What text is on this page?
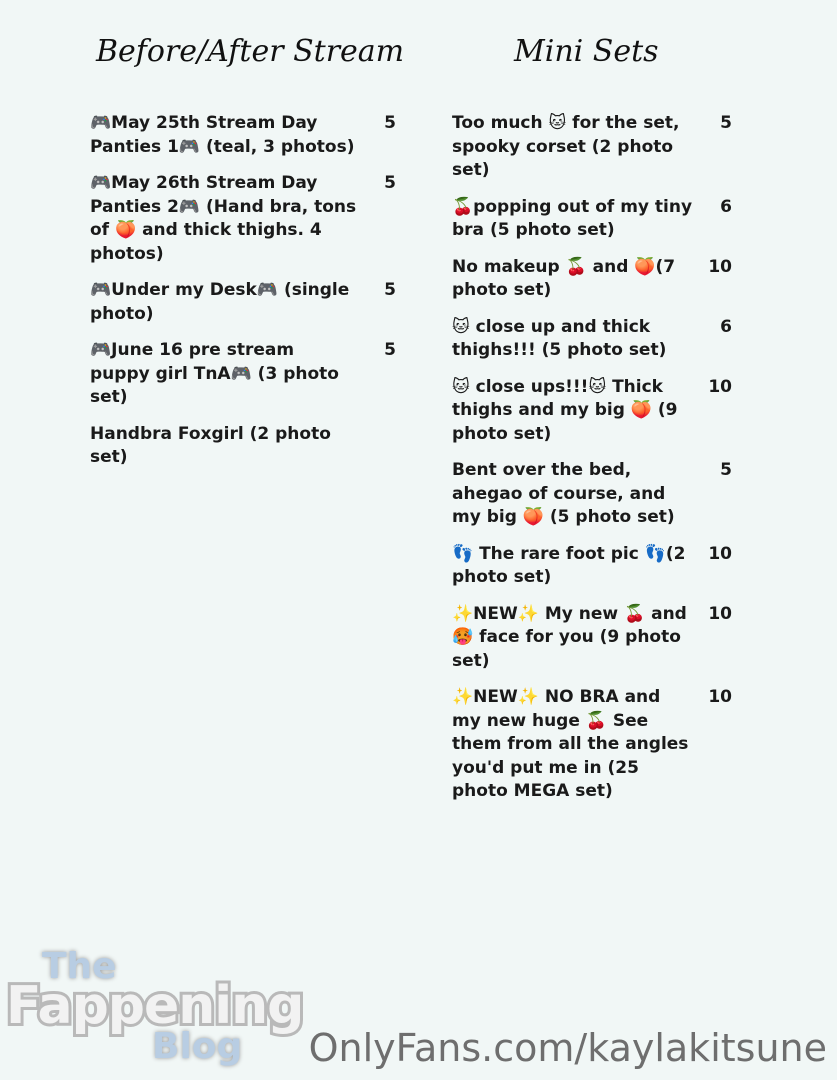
Before/After Stream	Mini Sets
🎮May 25th Stream Day Panties 1🎮 (teal, 3 photos)
5
🎮May 26th Stream Day Panties 2🎮 (Hand bra, tons of 🍑 and thick thighs. 4 photos)
5
🎮Under my Desk🎮 (single photo)
5
🎮June 16 pre stream puppy girl TnA🎮 (3 photo set)
5
Handbra Foxgirl (2 photo set)
Too much 🐱 for the set, spooky corset (2 photo set)
5
🍒popping out of my tiny bra (5 photo set)
6
No makeup 🍒 and 🍑(7 photo set)
10
🐱 close up and thick thighs!!! (5 photo set)
6
🐱 close ups!!!🐱 Thick thighs and my big 🍑 (9 photo set)
10
Bent over the bed, ahegao of course, and my big 🍑 (5 photo set)
5
👣 The rare foot pic 👣(2 photo set)
10
✨NEW✨ My new 🍒 and 🥵 face for you (9 photo set)
10
✨NEW✨ NO BRA and my new huge 🍒 See them from all the angles you'd put me in (25 photo MEGA set)
10
The
Fappening
Blog OnlyFans.com/kaylakitsune
